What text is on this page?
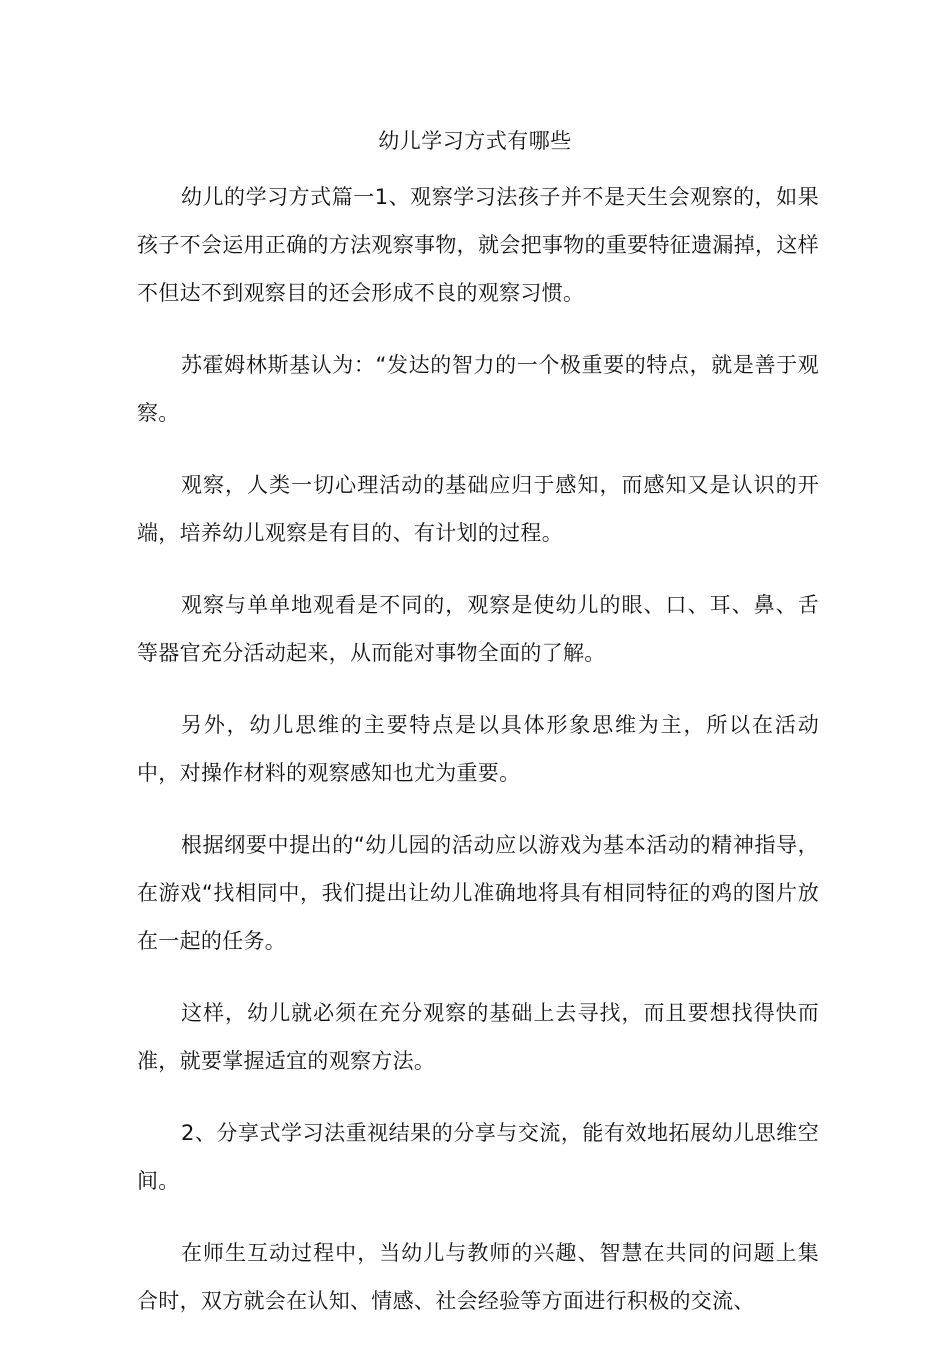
幼儿学习方式有哪些

幼儿的学习方式篇一1、观察学习法孩子并不是天生会观察的，如果孩子不会运用正确的方法观察事物，就会把事物的重要特征遗漏掉，这样不但达不到观察目的还会形成不良的观察习惯。

苏霍姆林斯基认为：“发达的智力的一个极重要的特点，就是善于观察。

观察，人类一切心理活动的基础应归于感知，而感知又是认识的开端，培养幼儿观察是有目的、有计划的过程。

观察与单单地观看是不同的，观察是使幼儿的眼、口、耳、鼻、舌等器官充分活动起来，从而能对事物全面的了解。

另外，幼儿思维的主要特点是以具体形象思维为主，所以在活动中，对操作材料的观察感知也尤为重要。

根据纲要中提出的“幼儿园的活动应以游戏为基本活动的精神指导，在游戏“找相同中，我们提出让幼儿准确地将具有相同特征的鸡的图片放在一起的任务。

这样，幼儿就必须在充分观察的基础上去寻找，而且要想找得快而准，就要掌握适宜的观察方法。

2、分享式学习法重视结果的分享与交流，能有效地拓展幼儿思维空间。

在师生互动过程中，当幼儿与教师的兴趣、智慧在共同的问题上集合时，双方就会在认知、情感、社会经验等方面进行积极的交流、
